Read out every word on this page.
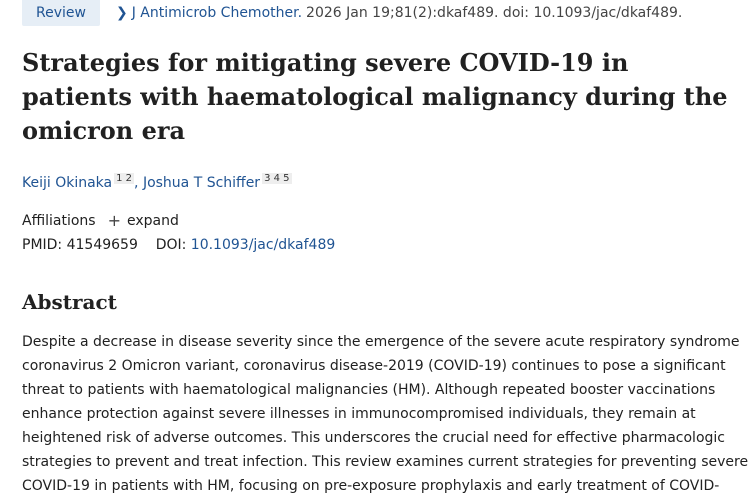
Review	❯ J Antimicrob Chemother. 2026 Jan 19;81(2):dkaf489. doi: 10.1093/jac/dkaf489.
Strategies for mitigating severe COVID-19 in patients with haematological malignancy during the omicron era
Keiji Okinaka $^{1 2}$ , Joshua T Schiffer $^{3 4 5}$
Affiliations + expand
PMID: 41549659 DOI: 10.1093/jac/dkaf489
Abstract
Despite a decrease in disease severity since the emergence of the severe acute respiratory syndrome
coronavirus 2 Omicron variant, coronavirus disease-2019 (COVID-19) continues to pose a significant
threat to patients with haematological malignancies (HM). Although repeated booster vaccinations
enhance protection against severe illnesses in immunocompromised individuals, they remain at
heightened risk of adverse outcomes. This underscores the crucial need for effective pharmacologic
strategies to prevent and treat infection. This review examines current strategies for preventing severe
COVID-19 in patients with HM, focusing on pre-exposure prophylaxis and early treatment of COVID-
